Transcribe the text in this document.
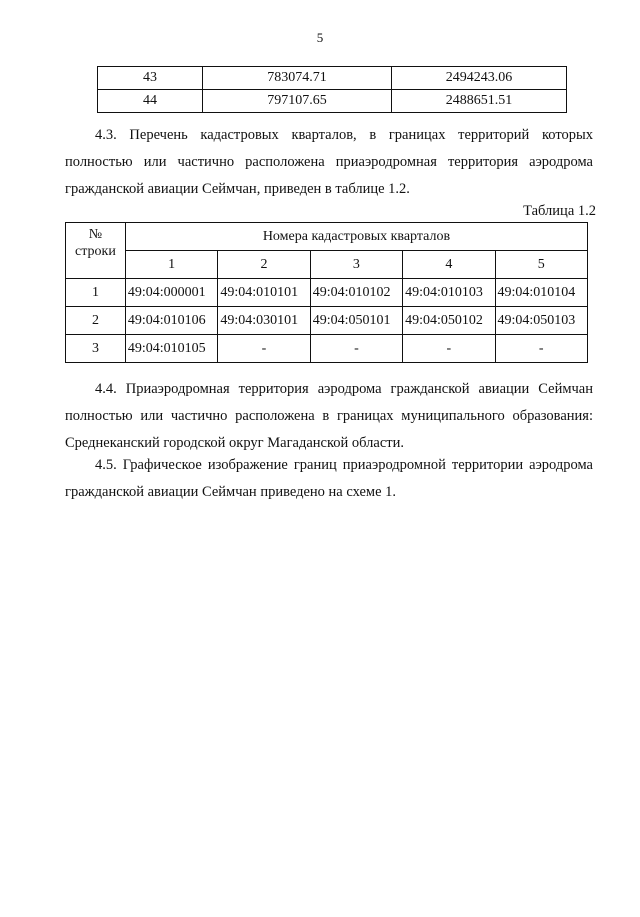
5
43	783074.71	2494243.06
44	797107.65	2488651.51
4.3. Перечень кадастровых кварталов, в границах территорий которых полностью или частично расположена приаэродромная территория аэродрома гражданской авиации Сеймчан, приведен в таблице 1.2.
Таблица 1.2
№
строки	Номера кадастровых кварталов				
	1	2	3	4	5
1	49:04:000001	49:04:010101	49:04:010102	49:04:010103	49:04:010104
2	49:04:010106	49:04:030101	49:04:050101	49:04:050102	49:04:050103
3	49:04:010105	-	-	-	-
4.4. Приаэродромная территория аэродрома гражданской авиации Сеймчан полностью или частично расположена в границах муниципального образования: Среднеканский городской округ Магаданской области.
4.5. Графическое изображение границ приаэродромной территории аэродрома гражданской авиации Сеймчан приведено на схеме 1.
